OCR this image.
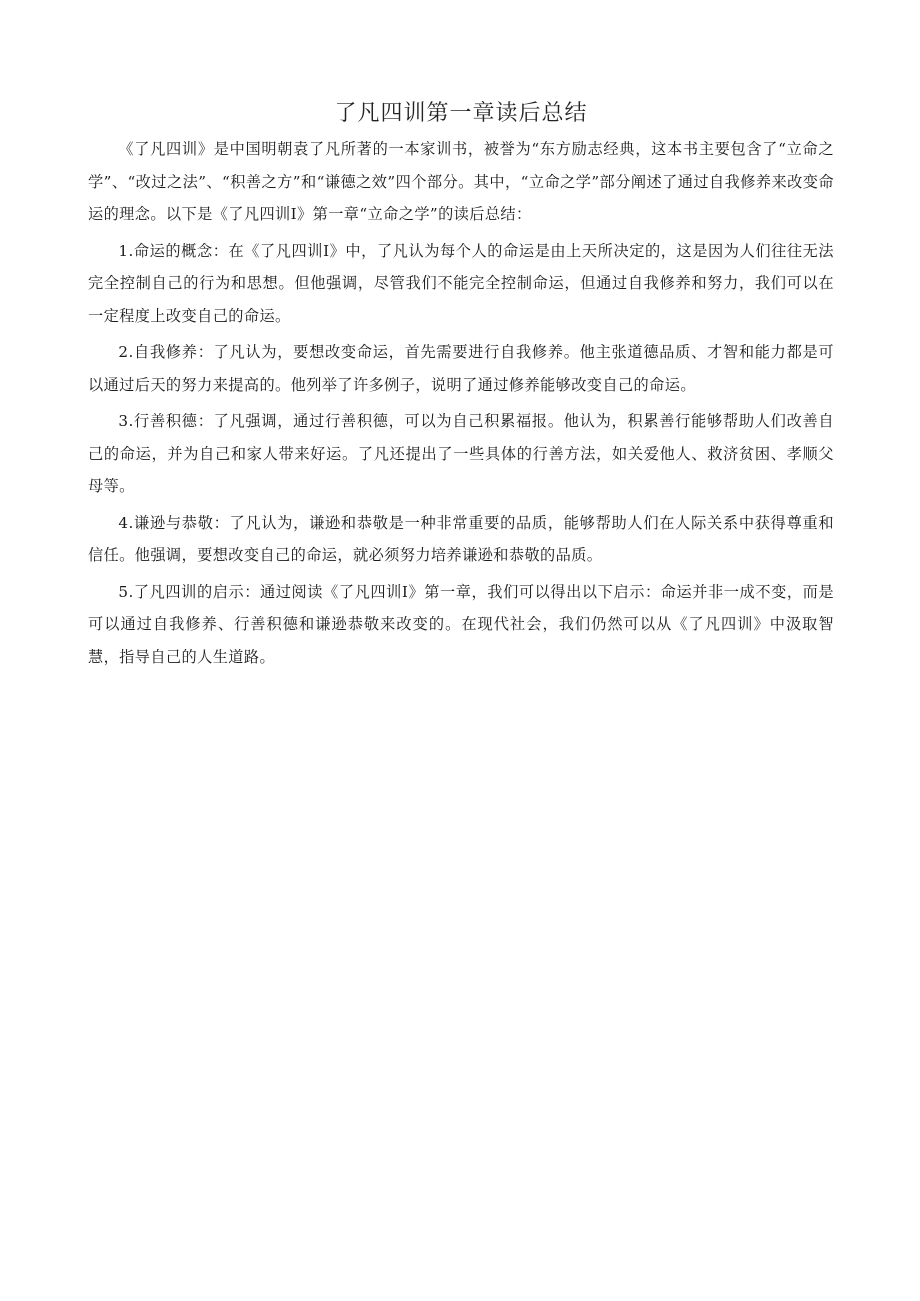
了凡四训第一章读后总结

《了凡四训》是中国明朝袁了凡所著的一本家训书，被誉为“东方励志经典，这本书主要包含了“立命之学”、“改过之法”、“积善之方”和“谦德之效”四个部分。其中，“立命之学”部分阐述了通过自我修养来改变命运的理念。以下是《了凡四训I》第一章“立命之学”的读后总结：

1.命运的概念：在《了凡四训I》中，了凡认为每个人的命运是由上天所决定的，这是因为人们往往无法完全控制自己的行为和思想。但他强调，尽管我们不能完全控制命运，但通过自我修养和努力，我们可以在一定程度上改变自己的命运。

2.自我修养：了凡认为，要想改变命运，首先需要进行自我修养。他主张道德品质、才智和能力都是可以通过后天的努力来提高的。他列举了许多例子，说明了通过修养能够改变自己的命运。

3.行善积德：了凡强调，通过行善积德，可以为自己积累福报。他认为，积累善行能够帮助人们改善自己的命运，并为自己和家人带来好运。了凡还提出了一些具体的行善方法，如关爱他人、救济贫困、孝顺父母等。

4.谦逊与恭敬：了凡认为，谦逊和恭敬是一种非常重要的品质，能够帮助人们在人际关系中获得尊重和信任。他强调，要想改变自己的命运，就必须努力培养谦逊和恭敬的品质。

5.了凡四训的启示：通过阅读《了凡四训I》第一章，我们可以得出以下启示：命运并非一成不变，而是可以通过自我修养、行善积德和谦逊恭敬来改变的。在现代社会，我们仍然可以从《了凡四训》中汲取智慧，指导自己的人生道路。
